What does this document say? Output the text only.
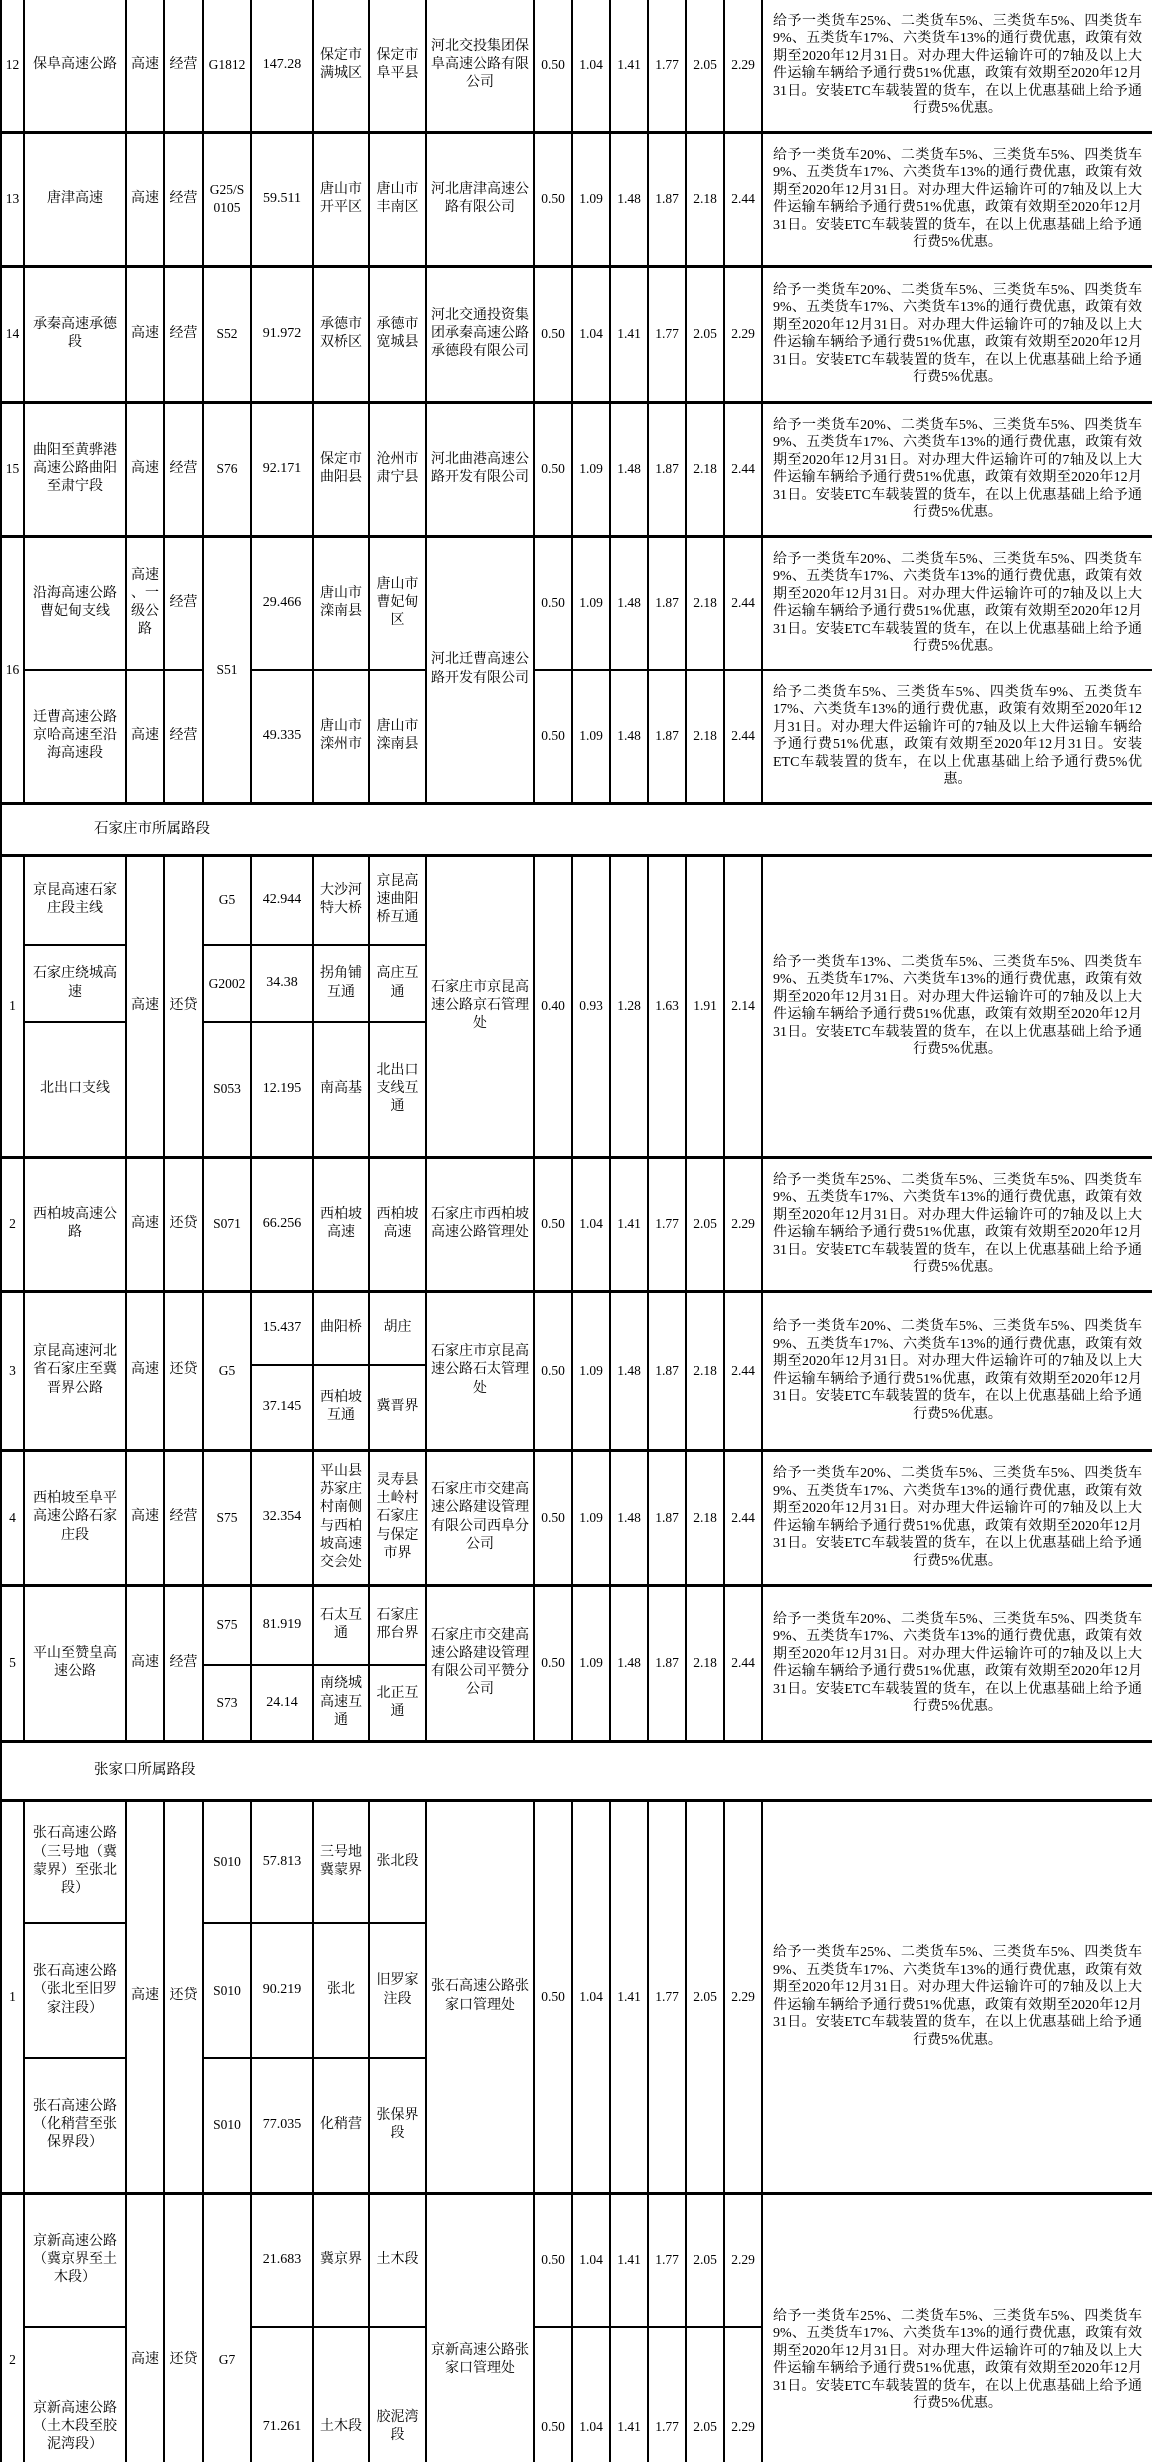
12	保阜高速公路	高速	经营	G1812	147.28	保定市满城区	保定市阜平县	河北交投集团保阜高速公路有限公司	0.50	1.04	1.41	1.77	2.05	2.29	给予一类货车25%、二类货车5%、三类货车5%、四类货车9%、五类货车17%、六类货车13%的通行费优惠，政策有效期至2020年12月31日。对办理大件运输许可的7轴及以上大件运输车辆给予通行费51%优惠，政策有效期至2020年12月31日。安装ETC车载装置的货车，在以上优惠基础上给予通行费5%优惠。
13	唐津高速	高速	经营	G25/S0105	59.511	唐山市开平区	唐山市丰南区	河北唐津高速公路有限公司	0.50	1.09	1.48	1.87	2.18	2.44	给予一类货车20%、二类货车5%、三类货车5%、四类货车9%、五类货车17%、六类货车13%的通行费优惠，政策有效期至2020年12月31日。对办理大件运输许可的7轴及以上大件运输车辆给予通行费51%优惠，政策有效期至2020年12月31日。安装ETC车载装置的货车，在以上优惠基础上给予通行费5%优惠。
14	承秦高速承德段	高速	经营	S52	91.972	承德市双桥区	承德市宽城县	河北交通投资集团承秦高速公路承德段有限公司	0.50	1.04	1.41	1.77	2.05	2.29	给予一类货车20%、二类货车5%、三类货车5%、四类货车9%、五类货车17%、六类货车13%的通行费优惠，政策有效期至2020年12月31日。对办理大件运输许可的7轴及以上大件运输车辆给予通行费51%优惠，政策有效期至2020年12月31日。安装ETC车载装置的货车，在以上优惠基础上给予通行费5%优惠。
15	曲阳至黄骅港高速公路曲阳至肃宁段	高速	经营	S76	92.171	保定市曲阳县	沧州市肃宁县	河北曲港高速公路开发有限公司	0.50	1.09	1.48	1.87	2.18	2.44	给予一类货车20%、二类货车5%、三类货车5%、四类货车9%、五类货车17%、六类货车13%的通行费优惠，政策有效期至2020年12月31日。对办理大件运输许可的7轴及以上大件运输车辆给予通行费51%优惠，政策有效期至2020年12月31日。安装ETC车载装置的货车，在以上优惠基础上给予通行费5%优惠。
16	沿海高速公路曹妃甸支线	高速、一级公路	经营	S51	29.466	唐山市滦南县	唐山市曹妃甸区	河北迁曹高速公路开发有限公司	0.50	1.09	1.48	1.87	2.18	2.44	给予一类货车20%、二类货车5%、三类货车5%、四类货车9%、五类货车17%、六类货车13%的通行费优惠，政策有效期至2020年12月31日。对办理大件运输许可的7轴及以上大件运输车辆给予通行费51%优惠，政策有效期至2020年12月31日。安装ETC车载装置的货车，在以上优惠基础上给予通行费5%优惠。
	迁曹高速公路京哈高速至沿海高速段	高速	经营		49.335	唐山市滦州市	唐山市滦南县		0.50	1.09	1.48	1.87	2.18	2.44	给予二类货车5%、三类货车5%、四类货车9%、五类货车17%、六类货车13%的通行费优惠，政策有效期至2020年12月31日。对办理大件运输许可的7轴及以上大件运输车辆给予通行费51%优惠，政策有效期至2020年12月31日。安装ETC车载装置的货车，在以上优惠基础上给予通行费5%优惠。
石家庄市所属路段															
1	京昆高速石家庄段主线	高速	还贷	G5	42.944	大沙河特大桥	京昆高速曲阳桥互通	石家庄市京昆高速公路京石管理处	0.40	0.93	1.28	1.63	1.91	2.14	给予一类货车13%、二类货车5%、三类货车5%、四类货车9%、五类货车17%、六类货车13%的通行费优惠，政策有效期至2020年12月31日。对办理大件运输许可的7轴及以上大件运输车辆给予通行费51%优惠，政策有效期至2020年12月31日。安装ETC车载装置的货车，在以上优惠基础上给予通行费5%优惠。
	石家庄绕城高速			G2002	34.38	拐角铺互通	高庄互通								
	北出口支线			S053	12.195	南高基	北出口支线互通								
2	西柏坡高速公路	高速	还贷	S071	66.256	西柏坡高速	西柏坡高速	石家庄市西柏坡高速公路管理处	0.50	1.04	1.41	1.77	2.05	2.29	给予一类货车25%、二类货车5%、三类货车5%、四类货车9%、五类货车17%、六类货车13%的通行费优惠，政策有效期至2020年12月31日。对办理大件运输许可的7轴及以上大件运输车辆给予通行费51%优惠，政策有效期至2020年12月31日。安装ETC车载装置的货车，在以上优惠基础上给予通行费5%优惠。
3	京昆高速河北省石家庄至冀晋界公路	高速	还贷	G5	15.437	曲阳桥	胡庄	石家庄市京昆高速公路石太管理处	0.50	1.09	1.48	1.87	2.18	2.44	给予一类货车20%、二类货车5%、三类货车5%、四类货车9%、五类货车17%、六类货车13%的通行费优惠，政策有效期至2020年12月31日。对办理大件运输许可的7轴及以上大件运输车辆给予通行费51%优惠，政策有效期至2020年12月31日。安装ETC车载装置的货车，在以上优惠基础上给予通行费5%优惠。
					37.145	西柏坡互通	冀晋界								
4	西柏坡至阜平高速公路石家庄段	高速	经营	S75	32.354	平山县苏家庄村南侧与西柏坡高速交会处	灵寿县土岭村石家庄与保定市界	石家庄市交建高速公路建设管理有限公司西阜分公司	0.50	1.09	1.48	1.87	2.18	2.44	给予一类货车20%、二类货车5%、三类货车5%、四类货车9%、五类货车17%、六类货车13%的通行费优惠，政策有效期至2020年12月31日。对办理大件运输许可的7轴及以上大件运输车辆给予通行费51%优惠，政策有效期至2020年12月31日。安装ETC车载装置的货车，在以上优惠基础上给予通行费5%优惠。
5	平山至赞皇高速公路	高速	经营	S75	81.919	石太互通	石家庄邢台界	石家庄市交建高速公路建设管理有限公司平赞分公司	0.50	1.09	1.48	1.87	2.18	2.44	给予一类货车20%、二类货车5%、三类货车5%、四类货车9%、五类货车17%、六类货车13%的通行费优惠，政策有效期至2020年12月31日。对办理大件运输许可的7轴及以上大件运输车辆给予通行费51%优惠，政策有效期至2020年12月31日。安装ETC车载装置的货车，在以上优惠基础上给予通行费5%优惠。
				S73	24.14	南绕城高速互通	北正互通								
张家口所属路段															
1	张石高速公路（三号地（冀蒙界）至张北段）	高速	还贷	S010	57.813	三号地冀蒙界	张北段	张石高速公路张家口管理处	0.50	1.04	1.41	1.77	2.05	2.29	给予一类货车25%、二类货车5%、三类货车5%、四类货车9%、五类货车17%、六类货车13%的通行费优惠，政策有效期至2020年12月31日。对办理大件运输许可的7轴及以上大件运输车辆给予通行费51%优惠，政策有效期至2020年12月31日。安装ETC车载装置的货车，在以上优惠基础上给予通行费5%优惠。
	张石高速公路（张北至旧罗家注段）			S010	90.219	张北	旧罗家注段								
	张石高速公路（化稍营至张保界段）			S010	77.035	化稍营	张保界段								
2	京新高速公路（冀京界至土木段）	高速	还贷	G7	21.683	冀京界	土木段	京新高速公路张家口管理处	0.50	1.04	1.41	1.77	2.05	2.29	给予一类货车25%、二类货车5%、三类货车5%、四类货车9%、五类货车17%、六类货车13%的通行费优惠，政策有效期至2020年12月31日。对办理大件运输许可的7轴及以上大件运输车辆给予通行费51%优惠，政策有效期至2020年12月31日。安装ETC车载装置的货车，在以上优惠基础上给予通行费5%优惠。
	京新高速公路（土木段至胶泥湾段）				71.261	土木段	胶泥湾段		0.50	1.04	1.41	1.77	2.05	2.29	
